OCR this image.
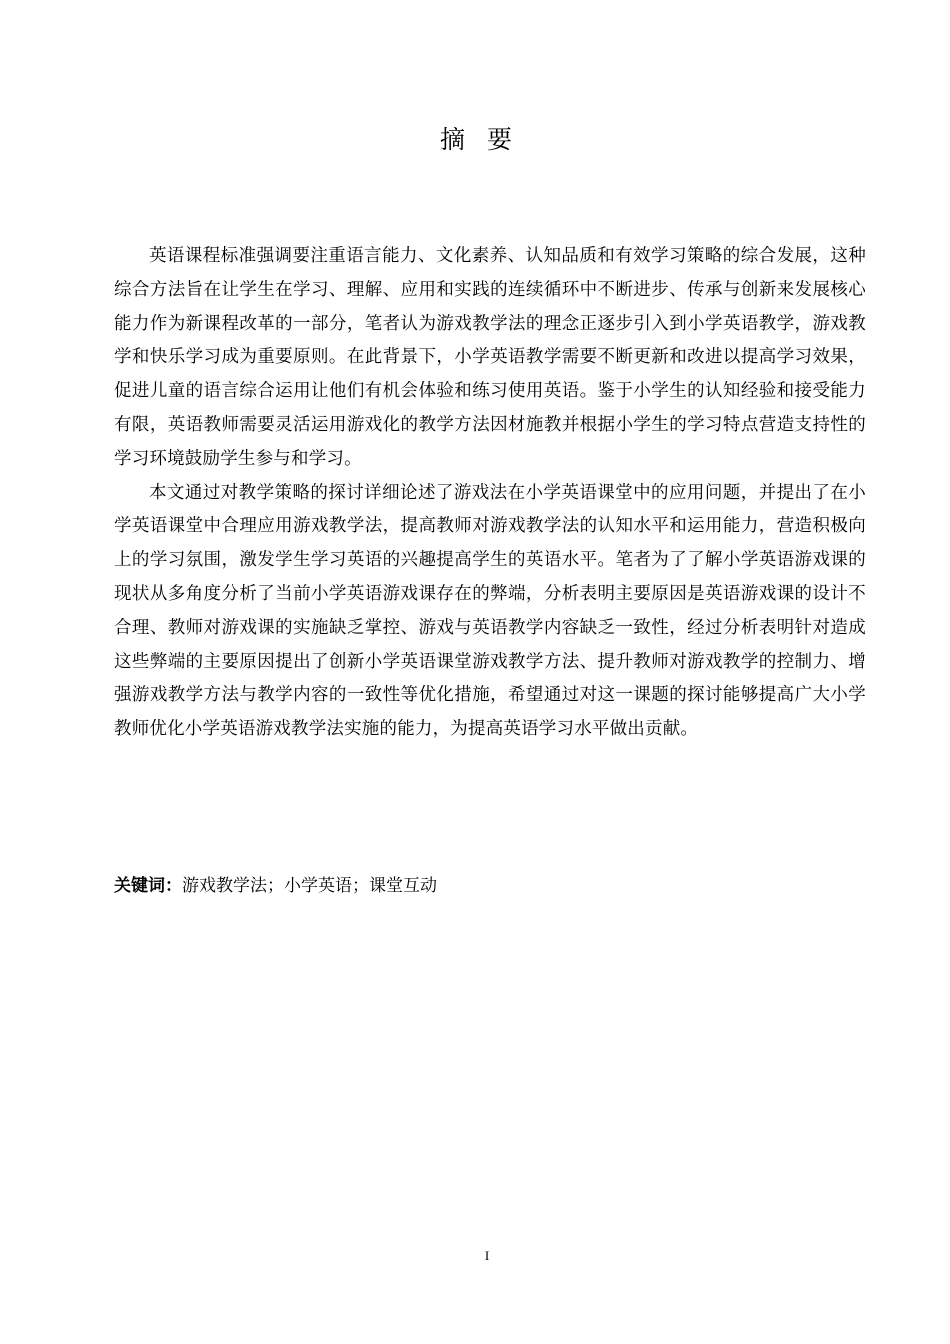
摘要

英语课程标准强调要注重语言能力、文化素养、认知品质和有效学习策略的综合发展，这种综合方法旨在让学生在学习、理解、应用和实践的连续循环中不断进步、传承与创新来发展核心能力作为新课程改革的一部分，笔者认为游戏教学法的理念正逐步引入到小学英语教学，游戏教学和快乐学习成为重要原则。在此背景下，小学英语教学需要不断更新和改进以提高学习效果，促进儿童的语言综合运用让他们有机会体验和练习使用英语。鉴于小学生的认知经验和接受能力有限，英语教师需要灵活运用游戏化的教学方法因材施教并根据小学生的学习特点营造支持性的学习环境鼓励学生参与和学习。

本文通过对教学策略的探讨详细论述了游戏法在小学英语课堂中的应用问题，并提出了在小学英语课堂中合理应用游戏教学法，提高教师对游戏教学法的认知水平和运用能力，营造积极向上的学习氛围，激发学生学习英语的兴趣提高学生的英语水平。笔者为了了解小学英语游戏课的现状从多角度分析了当前小学英语游戏课存在的弊端，分析表明主要原因是英语游戏课的设计不合理、教师对游戏课的实施缺乏掌控、游戏与英语教学内容缺乏一致性，经过分析表明针对造成这些弊端的主要原因提出了创新小学英语课堂游戏教学方法、提升教师对游戏教学的控制力、增强游戏教学方法与教学内容的一致性等优化措施，希望通过对这一课题的探讨能够提高广大小学教师优化小学英语游戏教学法实施的能力，为提高英语学习水平做出贡献。

关键词：游戏教学法；小学英语；课堂互动
I
